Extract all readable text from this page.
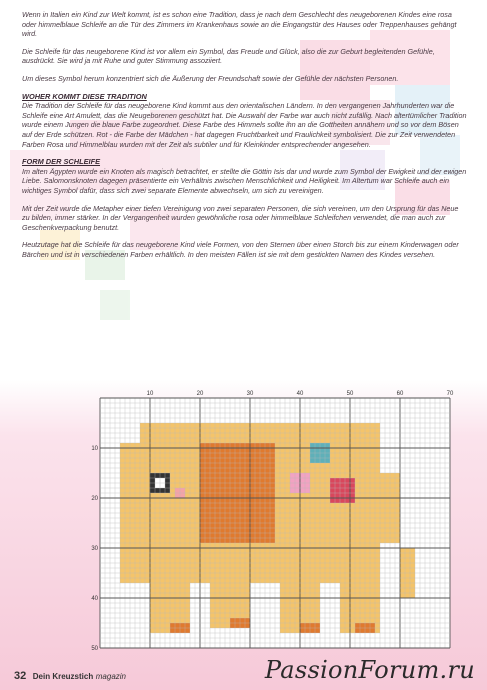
Wenn in Italien ein Kind zur Welt kommt, ist es schon eine Tradition, dass je nach dem Geschlecht des neugeborenen Kindes eine rosa oder himmelblaue Schleife an die Tür des Zimmers im Krankenhaus sowie an die Eingangstür des Hauses oder Treppenhauses gehängt wird.

Die Schleife für das neugeborene Kind ist vor allem ein Symbol, das Freude und Glück, also die zur Geburt begleitenden Gefühle, ausdrückt. Sie wird ja mit Ruhe und guter Stimmung assoziiert.

Um dieses Symbol herum konzentriert sich die Äußerung der Freundschaft sowie der Gefühle der nächsten Personen.

WOHER KOMMT DIESE TRADITION

Die Tradition der Schleife für das neugeborene Kind kommt aus den orientalischen Ländern. In den vergangenen Jahrhunderten war die Schleife eine Art Amulett, das die Neugeborenen geschützt hat. Die Auswahl der Farbe war auch nicht zufällig. Nach altertümlicher Tradition wurde einem Jungen die blaue Farbe zugeordnet. Diese Farbe des Himmels sollte ihn an die Gottheiten annähern und so vor dem Bösen auf der Erde schützen. Rot - die Farbe der Mädchen - hat dagegen Fruchtbarkeit und Fraulichkeit symbolisiert. Die zur Zeit verwendeten Farben Rosa und Himmelblau wurden mit der Zeit als subtiler und für Kleinkinder entsprechender angesehen.

FORM DER SCHLEIFE

Im alten Ägypten wurde ein Knoten als magisch betrachtet, er stellte die Göttin Isis dar und wurde zum Symbol der Ewigkeit und der ewigen Liebe. Salomonsknoten dagegen präsentierte ein Verhältnis zwischen Menschlichkeit und Heiligkeit. Im Altertum war Schleife auch ein wichtiges Symbol dafür, dass sich zwei separate Elemente abwechseln, um sich zu vereinigen.

Mit der Zeit wurde die Metapher einer tiefen Vereinigung von zwei separaten Personen, die sich vereinen, um den Ursprung für das Neue zu bilden, immer stärker. In der Vergangenheit wurden gewöhnliche rosa oder himmelblaue Schleifchen verwendet, die man auch zur Geschenkverpackung benutzt.

Heutzutage hat die Schleife für das neugeborene Kind viele Formen, von den Sternen über einen Storch bis zur einem Kinderwagen oder Bärchen und ist in verschiedenen Farben erhältlich. In den meisten Fällen ist sie mit dem gestickten Namen des Kindes versehen.

10	20	30	40	50	60	70
10
20
30
40
50
32 Dein Kreuzstich magazin	PassionForum.ru
